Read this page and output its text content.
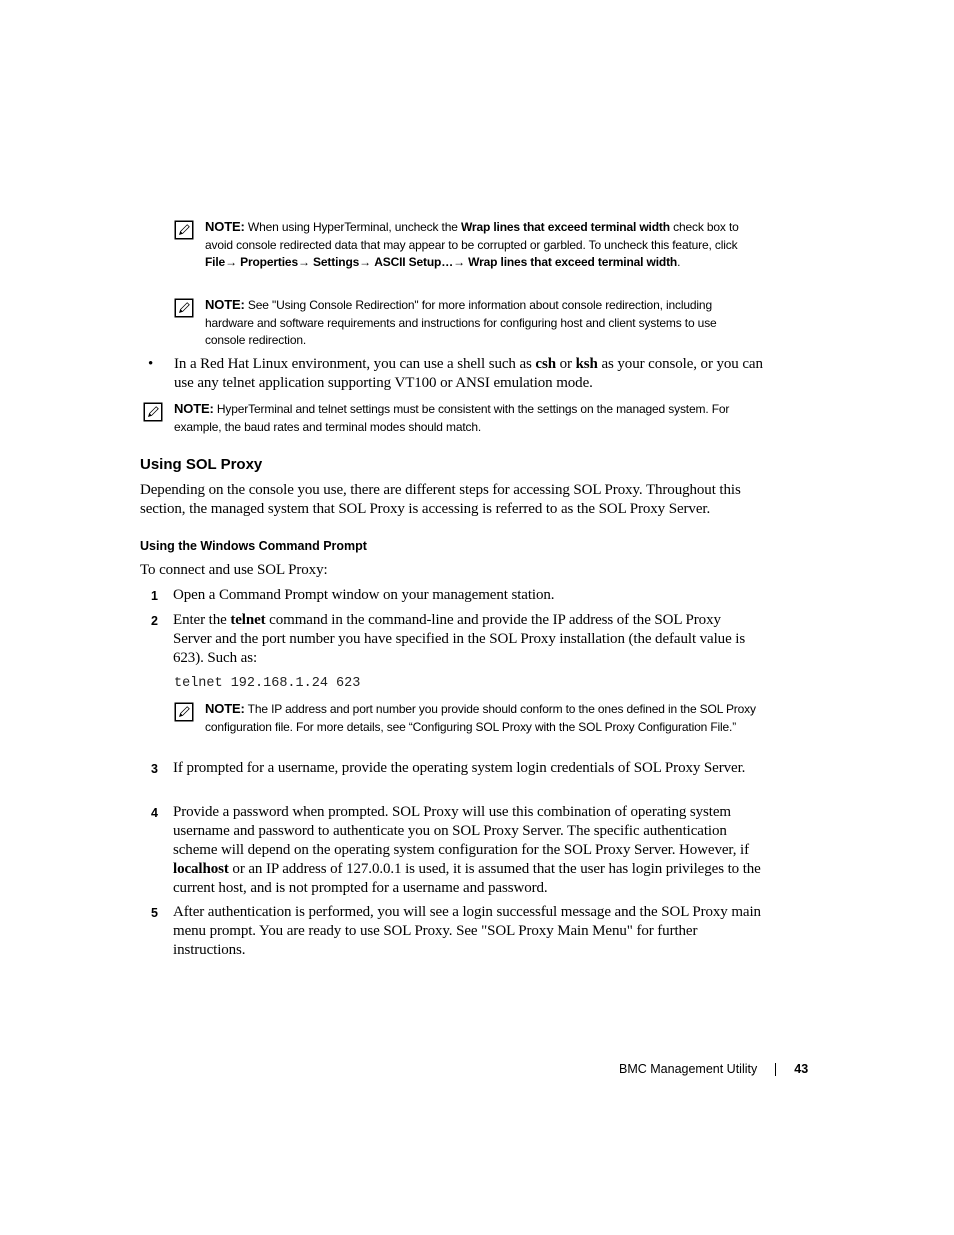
NOTE: When using HyperTerminal, uncheck the Wrap lines that exceed terminal width check box to avoid console redirected data that may appear to be corrupted or garbled. To uncheck this feature, click File→ Properties→ Settings→ ASCII Setup…→ Wrap lines that exceed terminal width.
NOTE: See "Using Console Redirection" for more information about console redirection, including hardware and software requirements and instructions for configuring host and client systems to use console redirection.
• In a Red Hat Linux environment, you can use a shell such as csh or ksh as your console, or you can use any telnet application supporting VT100 or ANSI emulation mode.
NOTE: HyperTerminal and telnet settings must be consistent with the settings on the managed system. For example, the baud rates and terminal modes should match.
Using SOL Proxy
Depending on the console you use, there are different steps for accessing SOL Proxy. Throughout this section, the managed system that SOL Proxy is accessing is referred to as the SOL Proxy Server.
Using the Windows Command Prompt
To connect and use SOL Proxy:
1 Open a Command Prompt window on your management station.
2 Enter the telnet command in the command-line and provide the IP address of the SOL Proxy Server and the port number you have specified in the SOL Proxy installation (the default value is 623). Such as:
telnet 192.168.1.24 623
NOTE: The IP address and port number you provide should conform to the ones defined in the SOL Proxy configuration file. For more details, see “Configuring SOL Proxy with the SOL Proxy Configuration File.”
3 If prompted for a username, provide the operating system login credentials of SOL Proxy Server.
4 Provide a password when prompted. SOL Proxy will use this combination of operating system username and password to authenticate you on SOL Proxy Server. The specific authentication scheme will depend on the operating system configuration for the SOL Proxy Server. However, if localhost or an IP address of 127.0.0.1 is used, it is assumed that the user has login privileges to the current host, and is not prompted for a username and password.
5 After authentication is performed, you will see a login successful message and the SOL Proxy main menu prompt. You are ready to use SOL Proxy. See "SOL Proxy Main Menu" for further instructions.
BMC Management Utility	43
